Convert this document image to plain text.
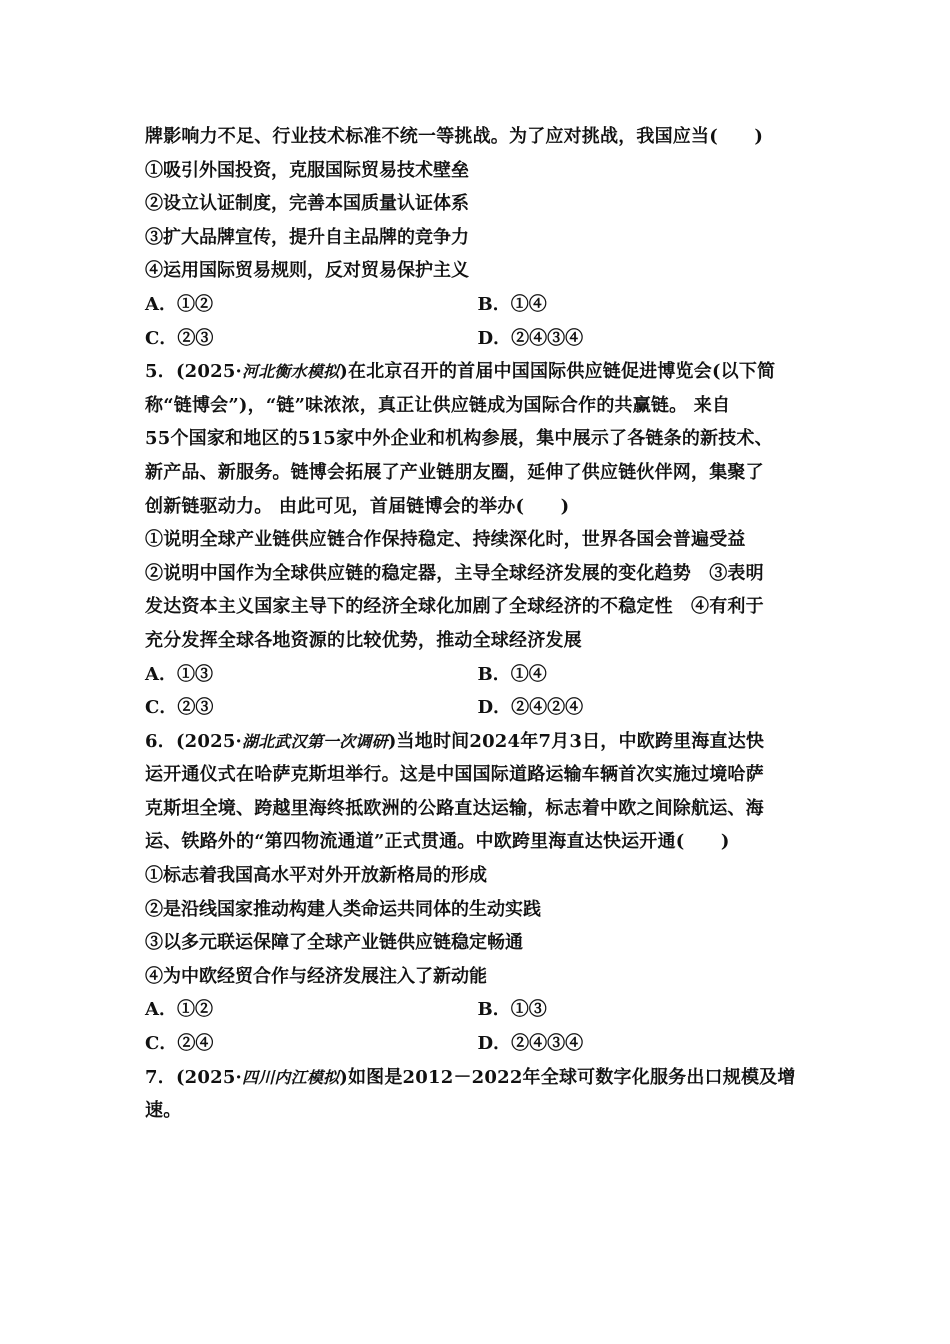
牌影响力不足、行业技术标准不统一等挑战。为了应对挑战，我国应当(　　)
①吸引外国投资，克服国际贸易技术壁垒
②设立认证制度，完善本国质量认证体系
③扩大品牌宣传，提升自主品牌的竞争力
④运用国际贸易规则，反对贸易保护主义
A．①②	B．①④
C．②③	D．②④③④
5．(2025·河北衡水模拟)在北京召开的首届中国国际供应链促进博览会(以下简
称“链博会”)，“链”味浓浓，真正让供应链成为国际合作的共赢链。 来自
55个国家和地区的515家中外企业和机构参展，集中展示了各链条的新技术、
新产品、新服务。链博会拓展了产业链朋友圈，延伸了供应链伙伴网，集聚了
创新链驱动力。 由此可见，首届链博会的举办(　　)
①说明全球产业链供应链合作保持稳定、持续深化时，世界各国会普遍受益
②说明中国作为全球供应链的稳定器，主导全球经济发展的变化趋势　③表明
发达资本主义国家主导下的经济全球化加剧了全球经济的不稳定性　④有利于
充分发挥全球各地资源的比较优势，推动全球经济发展
A．①③	B．①④
C．②③	D．②④②④
6．(2025·湖北武汉第一次调研)当地时间2024年7月3日，中欧跨里海直达快
运开通仪式在哈萨克斯坦举行。这是中国国际道路运输车辆首次实施过境哈萨
克斯坦全境、跨越里海终抵欧洲的公路直达运输，标志着中欧之间除航运、海
运、铁路外的“第四物流通道”正式贯通。中欧跨里海直达快运开通(　　)
①标志着我国高水平对外开放新格局的形成
②是沿线国家推动构建人类命运共同体的生动实践
③以多元联运保障了全球产业链供应链稳定畅通
④为中欧经贸合作与经济发展注入了新动能
A．①②	B．①③
C．②④	D．②④③④
7．(2025·四川内江模拟)如图是2012－2022年全球可数字化服务出口规模及增
速。
